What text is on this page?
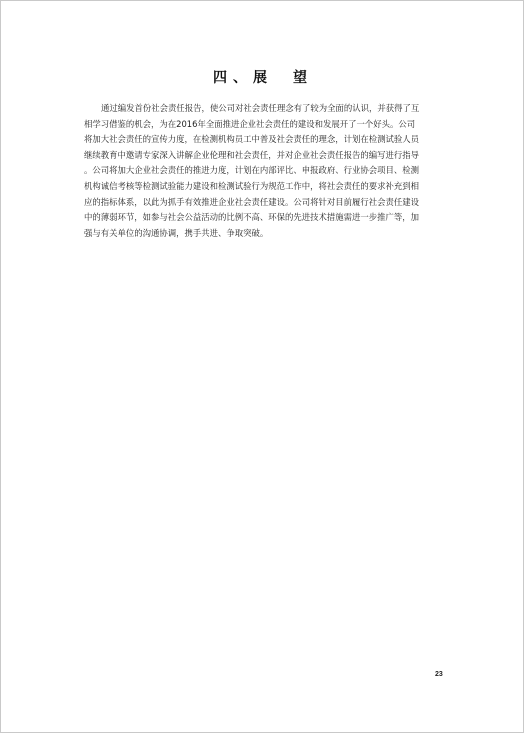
四、展　望
通过编发首份社会责任报告，使公司对社会责任理念有了较为全面的认识，并获得了互
相学习借鉴的机会，为在2016年全面推进企业社会责任的建设和发展开了一个好头。公司
将加大社会责任的宣传力度，在检测机构员工中普及社会责任的理念，计划在检测试验人员
继续教育中邀请专家深入讲解企业伦理和社会责任，并对企业社会责任报告的编写进行指导
。公司将加大企业社会责任的推进力度，计划在内部评比、申报政府、行业协会项目、检测
机构诚信考核等检测试验能力建设和检测试验行为规范工作中，将社会责任的要求补充到相
应的指标体系，以此为抓手有效推进企业社会责任建设。公司将针对目前履行社会责任建设
中的薄弱环节，如参与社会公益活动的比例不高、环保的先进技术措施需进一步推广等，加
强与有关单位的沟通协调，携手共进、争取突破。
23
